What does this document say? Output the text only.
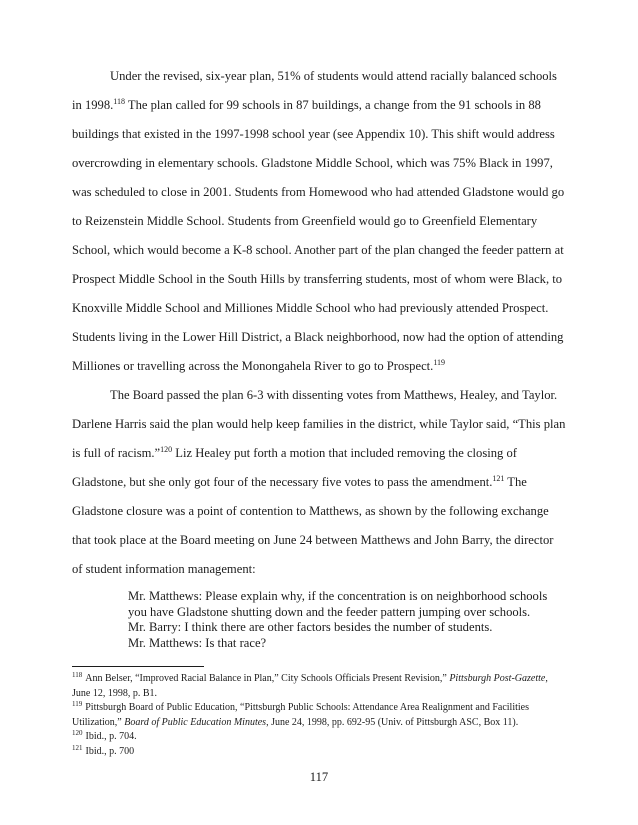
Under the revised, six-year plan, 51% of students would attend racially balanced schools in 1998.$^{118}$ The plan called for 99 schools in 87 buildings, a change from the 91 schools in 88 buildings that existed in the 1997-1998 school year (see Appendix 10). This shift would address overcrowding in elementary schools. Gladstone Middle School, which was 75% Black in 1997, was scheduled to close in 2001. Students from Homewood who had attended Gladstone would go to Reizenstein Middle School. Students from Greenfield would go to Greenfield Elementary School, which would become a K-8 school. Another part of the plan changed the feeder pattern at Prospect Middle School in the South Hills by transferring students, most of whom were Black, to Knoxville Middle School and Milliones Middle School who had previously attended Prospect. Students living in the Lower Hill District, a Black neighborhood, now had the option of attending Milliones or travelling across the Monongahela River to go to Prospect.$^{119}$

The Board passed the plan 6-3 with dissenting votes from Matthews, Healey, and Taylor. Darlene Harris said the plan would help keep families in the district, while Taylor said, “This plan is full of racism.”$^{120}$ Liz Healey put forth a motion that included removing the closing of Gladstone, but she only got four of the necessary five votes to pass the amendment.$^{121}$ The Gladstone closure was a point of contention to Matthews, as shown by the following exchange that took place at the Board meeting on June 24 between Matthews and John Barry, the director of student information management:

Mr. Matthews: Please explain why, if the concentration is on neighborhood schools you have Gladstone shutting down and the feeder pattern jumping over schools.

Mr. Barry: I think there are other factors besides the number of students.

Mr. Matthews: Is that race?

$^{118}$ Ann Belser, “Improved Racial Balance in Plan,” City Schools Officials Present Revision,” Pittsburgh Post-Gazette, June 12, 1998, p. B1.

$^{119}$ Pittsburgh Board of Public Education, “Pittsburgh Public Schools: Attendance Area Realignment and Facilities Utilization,” Board of Public Education Minutes, June 24, 1998, pp. 692-95 (Univ. of Pittsburgh ASC, Box 11).

$^{120}$ Ibid., p. 704.

$^{121}$ Ibid., p. 700

117
